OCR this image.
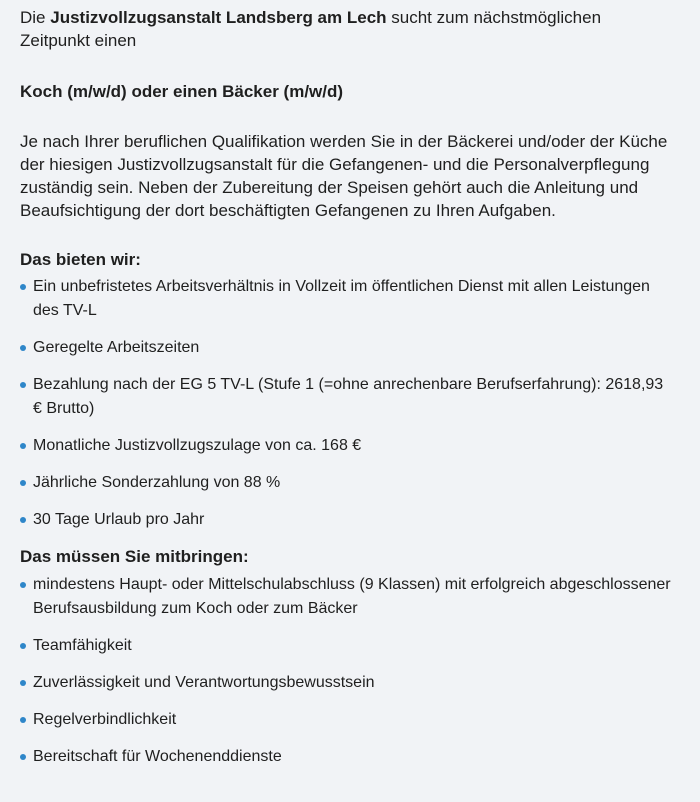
Die Justizvollzugsanstalt Landsberg am Lech sucht zum nächstmöglichen Zeitpunkt einen

Koch (m/w/d) oder einen Bäcker (m/w/d)

Je nach Ihrer beruflichen Qualifikation werden Sie in der Bäckerei und/oder der Küche der hiesigen Justizvollzugsanstalt für die Gefangenen- und die Personalverpflegung zuständig sein. Neben der Zubereitung der Speisen gehört auch die Anleitung und Beaufsichtigung der dort beschäftigten Gefangenen zu Ihren Aufgaben.

Das bieten wir:
Ein unbefristetes Arbeitsverhältnis in Vollzeit im öffentlichen Dienst mit allen Leistungen des TV-L
Geregelte Arbeitszeiten
Bezahlung nach der EG 5 TV-L (Stufe 1 (=ohne anrechenbare Berufserfahrung): 2618,93 € Brutto)
Monatliche Justizvollzugszulage von ca. 168 €
Jährliche Sonderzahlung von 88 %
30 Tage Urlaub pro Jahr
Das müssen Sie mitbringen:
mindestens Haupt- oder Mittelschulabschluss (9 Klassen) mit erfolgreich abgeschlossener Berufsausbildung zum Koch oder zum Bäcker
Teamfähigkeit
Zuverlässigkeit und Verantwortungsbewusstsein
Regelverbindlichkeit
Bereitschaft für Wochenenddienste
